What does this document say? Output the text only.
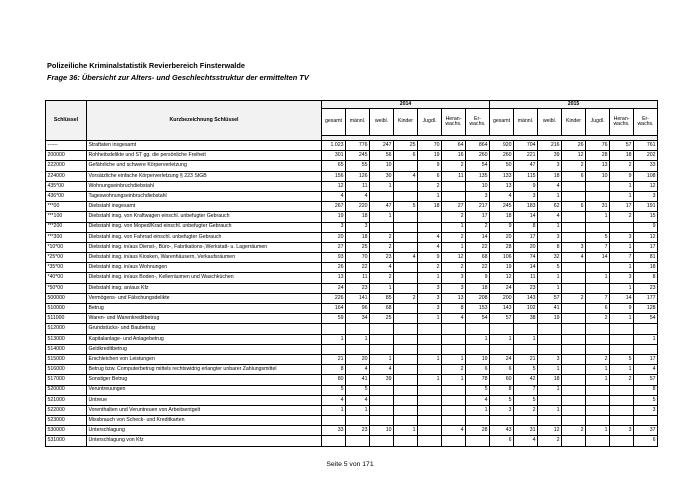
Polizeiliche Kriminalstatistik Revierbereich Finsterwalde
Frage 36: Übersicht zur Alters- und Geschlechtsstruktur der ermittelten TV
Schlüssel	Kurzbezeichnung Schlüssel	2014							2015						
		gesamt	männl.	weibl.	Kinder	Jugdl.	Heran-wachs.	Er-wachs.	gesamt	männl.	weibl.	Kinder	Jugdl.	Heran-wachs.	Er-wachs.

------	Straftaten insgesamt	1.023	776	247	25	70	64	864	920	704	216	26	76	57	761
200000	Rohheitsdelikte und ST gg. die persönliche Freiheit	301	245	56	6	19	16	260	260	221	39	12	28	18	202
222000	Gefährliche und schwere Körperverletzung	65	55	10		9	2	54	50	47	3	2	13	2	33
224000	Vorsätzliche einfache Körperverletzung § 223 StGB	156	126	30	4	6	11	135	133	115	18	6	10	9	108
435*00	Wohnungseinbruchdiebstahl	12	11	1		2		10	13	9	4			1	12
436*00	Tageswohnungseinbruchdiebstahl	4	4			1		3	4	3	1			1	3
***00	Diebstahl insgesamt	267	220	47	5	18	27	217	245	183	62	6	31	17	191
***100	Diebstahl insg. von Kraftwagen einschl. unbefugter Gebrauch	19	18	1			2	17	18	14	4		1	2	15
***200	Diebstahl insg. von Moped/Krad einschl. unbefugter Gebrauch	3	3				1	2	9	8	1				9
***300	Diebstahl insg. von Fahrrad einschl. unbefugter Gebrauch	20	18	2		4	2	14	20	17	3		5	3	12
*10*00	Diebstahl insg. in/aus Dienst-, Büro-, Fabrikations-,Werkstatt- u. Lagerräumen	27	25	2		4	1	22	28	20	8	3	7	1	17
*25*00	Diebstahl insg. in/aus Kiosken, Warenhäusern, Verkaufsräumen	93	70	23	4	9	12	68	106	74	32	4	14	7	81
*35*00	Diebstahl insg. in/aus Wohnungen	26	22	4		2	2	22	19	14	5			1	18
*40*00	Diebstahl insg. in/aus Boden-, Kellerräumen und Waschküchen	13	11	2		1	3	9	12	11	1		1	3	8
*50*00	Diebstahl insg. an/aus Kfz	24	23	1		3	3	18	24	23	1			1	23
500000	Vermögens- und Fälschungsdelikte	226	141	85	2	3	13	208	200	143	57	2	7	14	177
510000	Betrug	164	96	68		3	8	153	143	102	41		6	9	128
511000	Waren- und Warenkreditbetrug	59	34	25		1	4	54	57	38	19		2	1	54
512000	Grundstücks- und Baubetrug														
513000	Kapitalanlage- und Anlagebetrug	1	1					1	1	1					1
514000	Geldkreditbetrug														
515000	Erschleichen von Leistungen	21	20	1		1	1	19	24	21	3		2	5	17
516000	Betrug bzw. Computerbetrug mittels rechtswidrig erlangter unbarer Zahlungsmittel	8	4	4			2	6	6	5	1		1	1	4
517000	Sonstiger Betrug	80	41	39		1	1	78	60	42	18		1	2	57
520000	Veruntreuungen	5	5					5	8	7	1				8
521000	Untreue	4	4					4	5	5					5
522000	Vorenthalten und Veruntreuen von Arbeitsentgelt	1	1					1	3	2	1				3
523000	Missbrauch von Scheck- und Kreditkarten														
530000	Unterschlagung	33	23	10	1		4	28	43	31	12	2	1	3	37
531000	Unterschlagung von Kfz								6	4	2				6
Seite 5 von 171
